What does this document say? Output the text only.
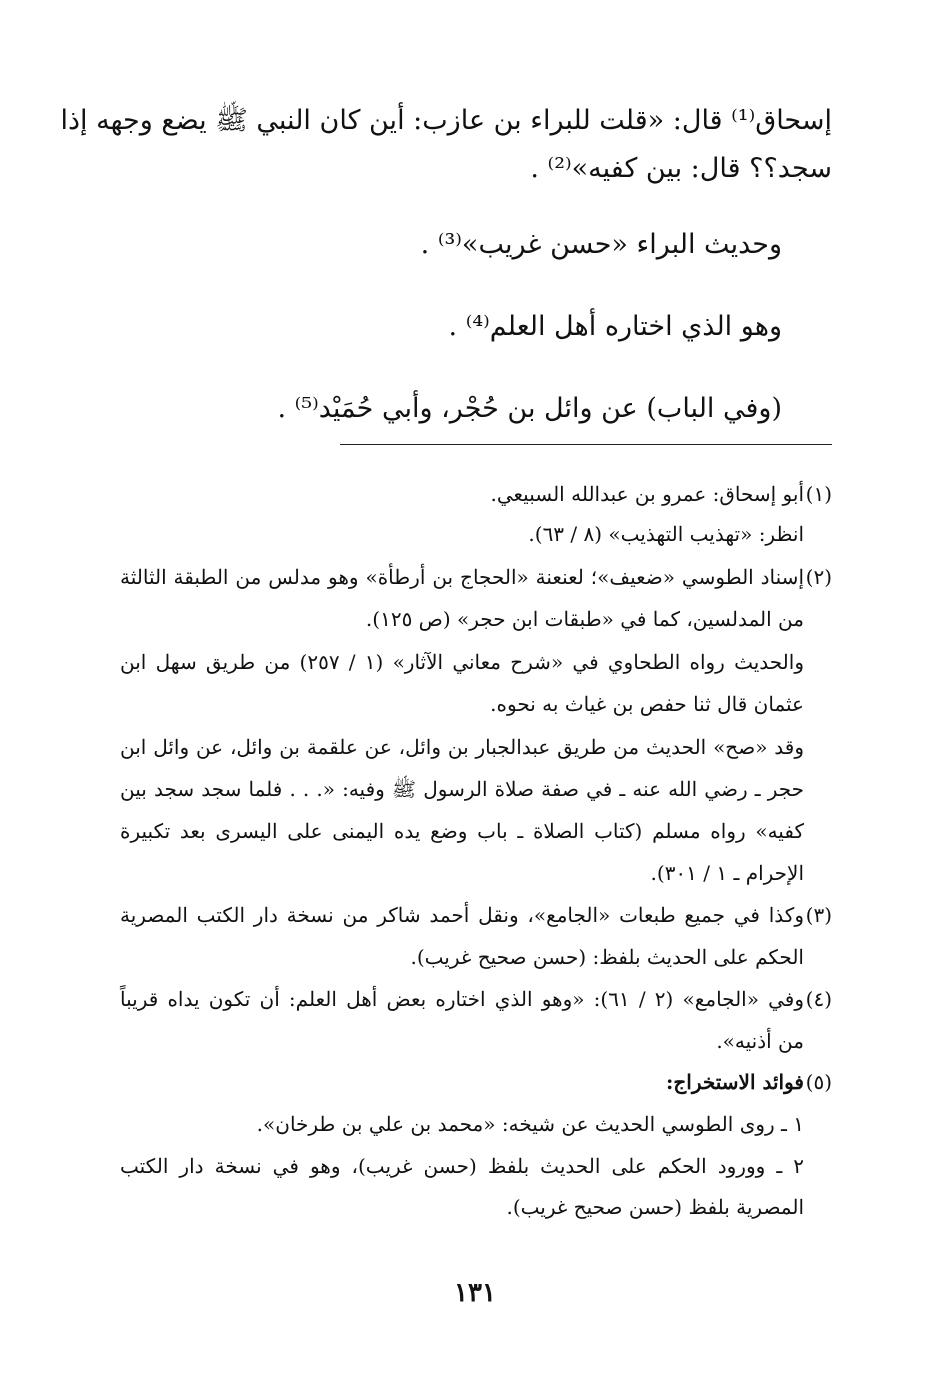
إسحاق⁽¹⁾ قال: «قلت للبراء بن عازب: أين كان النبي ﷺ يضع وجهه إذا
سجد؟؟ قال: بين كفيه»⁽²⁾ .
وحديث البراء «حسن غريب»⁽³⁾ .
وهو الذي اختاره أهل العلم⁽⁴⁾ .
(وفي الباب) عن وائل بن حُجْر، وأبي حُمَيْد⁽⁵⁾ .
(١)
أبو إسحاق: عمرو بن عبدالله السبيعي.
انظر: «تهذيب التهذيب» (٨ / ٦٣).
(٢)
إسناد الطوسي «ضعيف»؛ لعنعنة «الحجاج بن أرطأة» وهو مدلس من الطبقة الثالثة
من المدلسين، كما في «طبقات ابن حجر» (ص ١٢٥).
والحديث رواه الطحاوي في «شرح معاني الآثار» (١ / ٢٥٧) من طريق سهل ابن
عثمان قال ثنا حفص بن غياث به نحوه.
وقد «صح» الحديث من طريق عبدالجبار بن وائل، عن علقمة بن وائل، عن وائل ابن
حجر ـ رضي الله عنه ـ في صفة صلاة الرسول ﷺ وفيه: «. . . فلما سجد سجد بين
كفيه» رواه مسلم (كتاب الصلاة ـ باب وضع يده اليمنى على اليسرى بعد تكبيرة
الإحرام ـ ١ / ٣٠١).
(٣)
وكذا في جميع طبعات «الجامع»، ونقل أحمد شاكر من نسخة دار الكتب المصرية
الحكم على الحديث بلفظ: (حسن صحيح غريب).
(٤)
وفي «الجامع» (٢ / ٦١): «وهو الذي اختاره بعض أهل العلم: أن تكون يداه قريباً
من أذنيه».
(٥)
فوائد الاستخراج:
١ ـ روى الطوسي الحديث عن شيخه: «محمد بن علي بن طرخان».
٢ ـ وورود الحكم على الحديث بلفظ (حسن غريب)، وهو في نسخة دار الكتب
المصرية بلفظ (حسن صحيح غريب).
١٣١
